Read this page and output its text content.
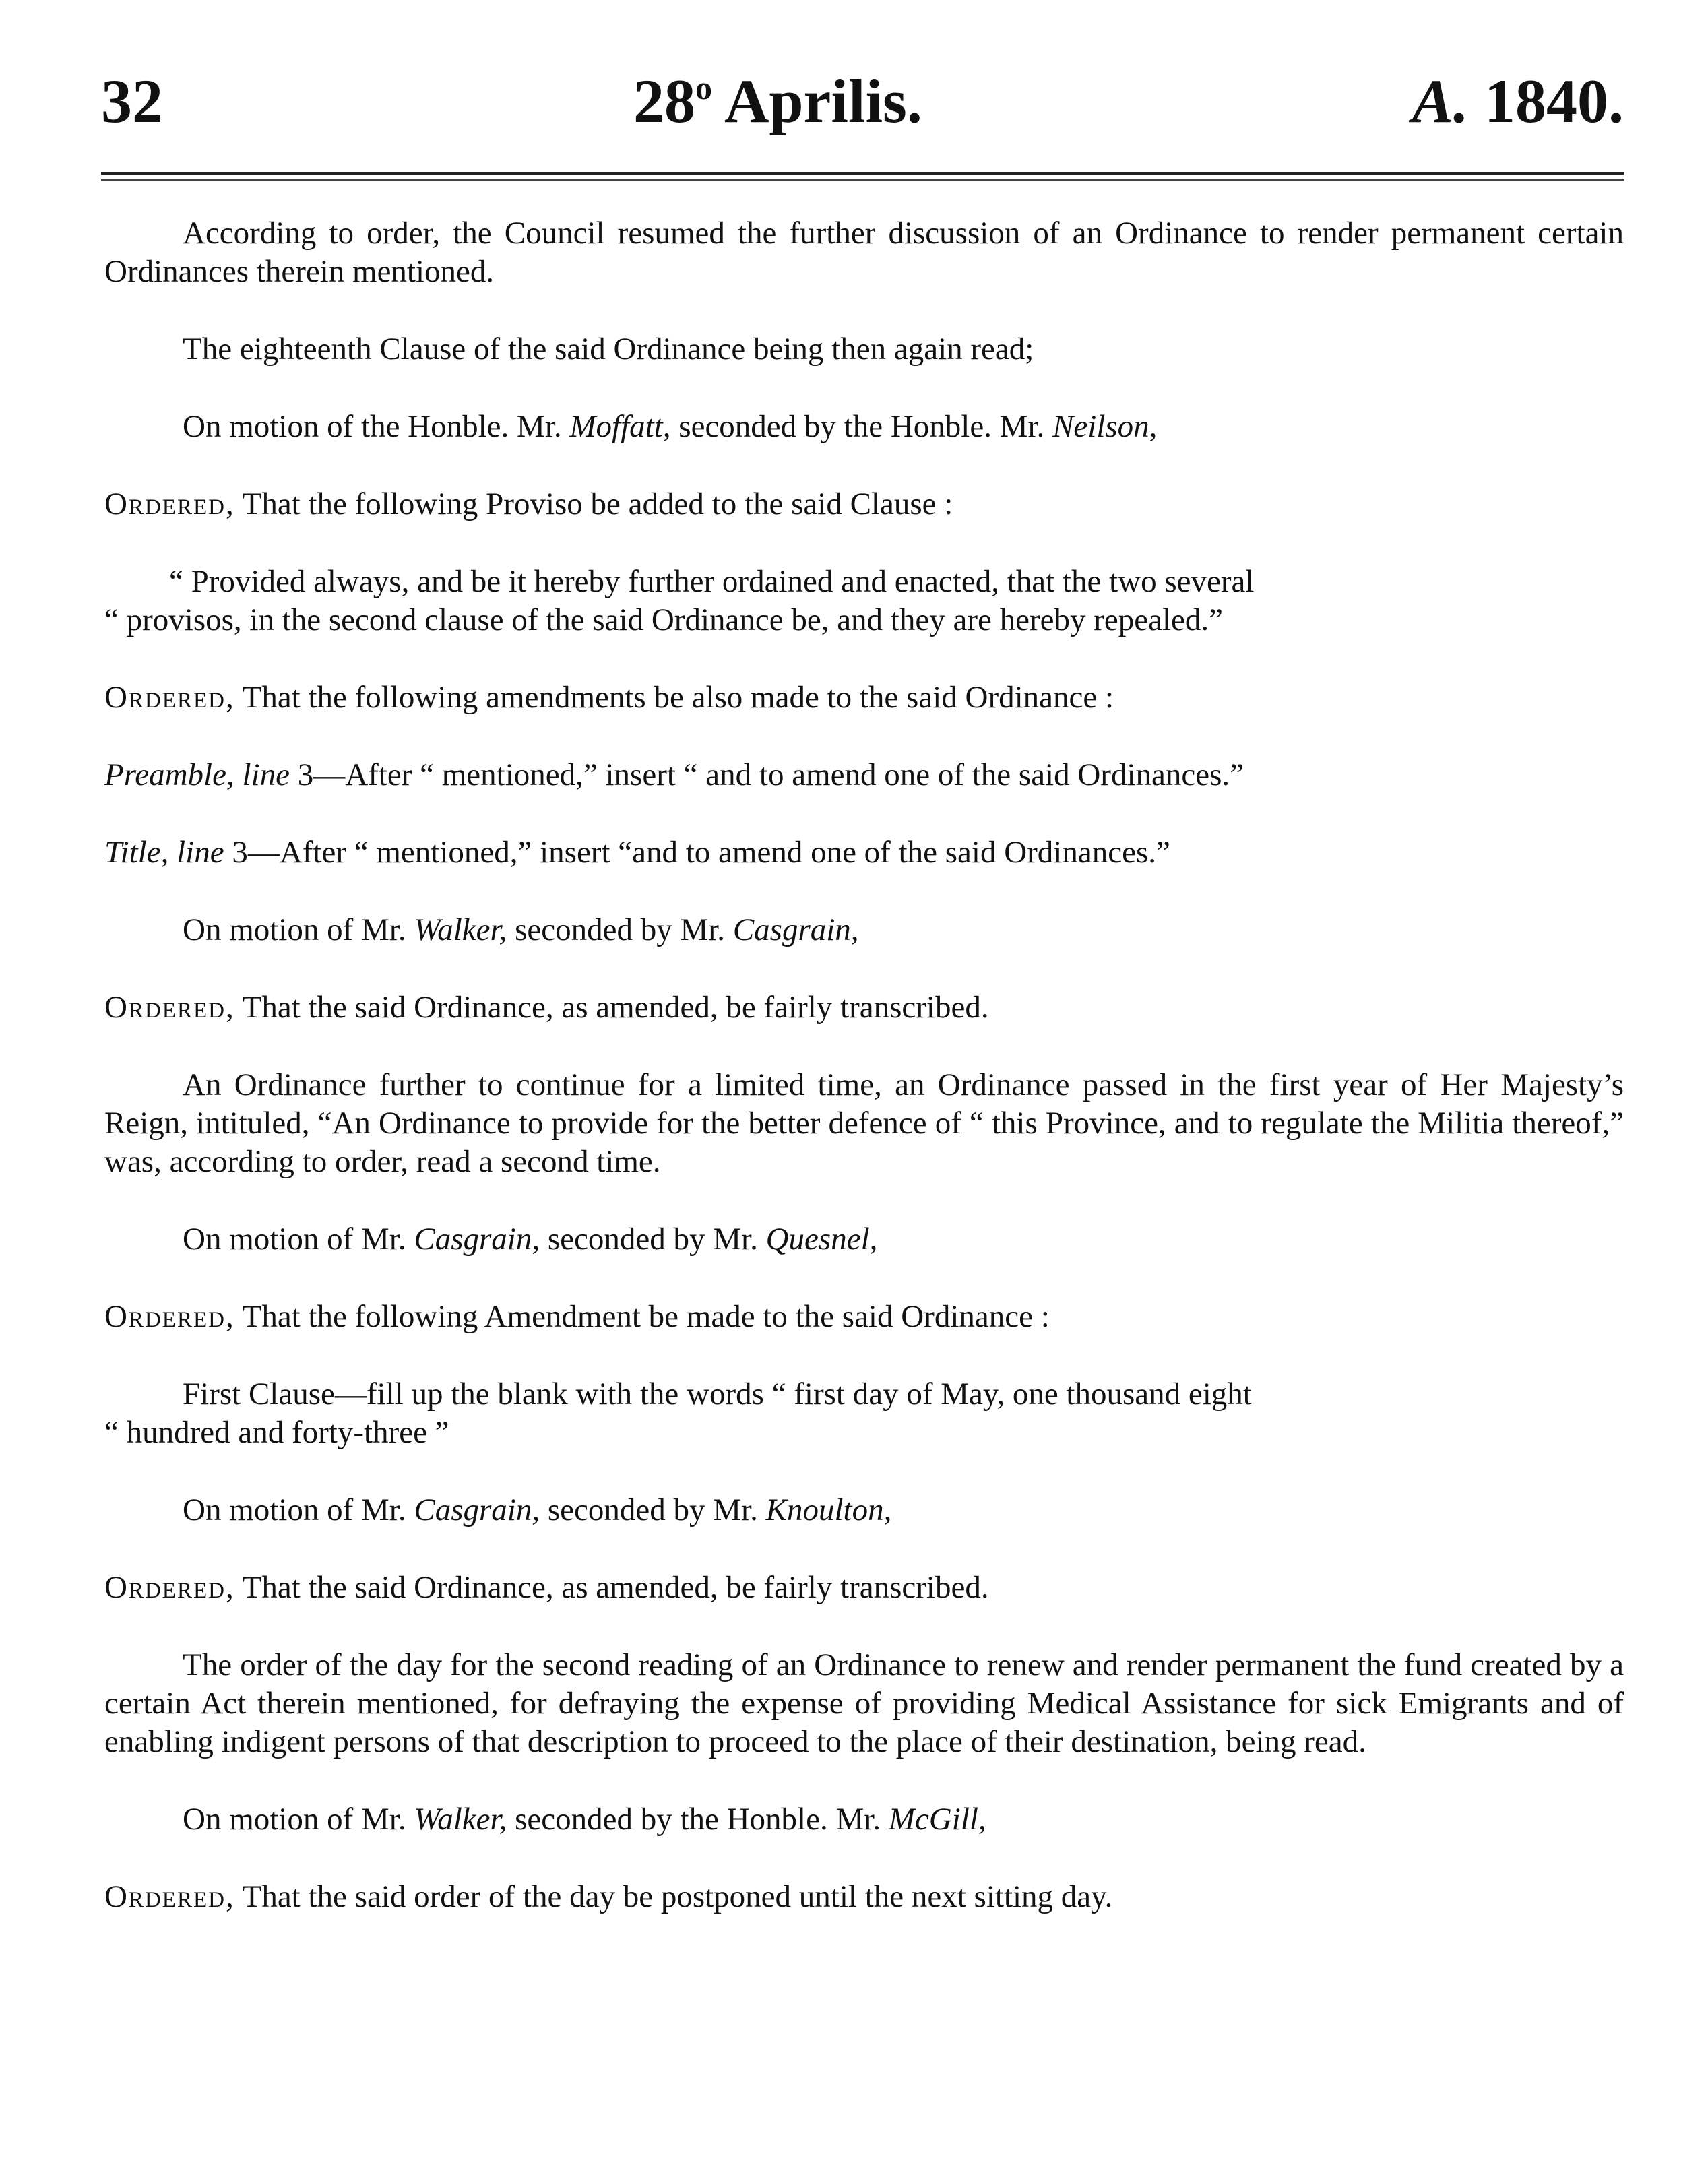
32	28$^o$ Aprilis.	A. 1840.

According to order, the Council resumed the further discussion of an Ordinance to render permanent certain Ordinances therein mentioned.

The eighteenth Clause of the said Ordinance being then again read;

On motion of the Honble. Mr. Moffatt, seconded by the Honble. Mr. Neilson,

Ordered, That the following Proviso be added to the said Clause :

“ Provided always, and be it hereby further ordained and enacted, that the two several

“ provisos, in the second clause of the said Ordinance be, and they are hereby repealed.”

Ordered, That the following amendments be also made to the said Ordinance :

Preamble, line 3—After “ mentioned,” insert “ and to amend one of the said Ordinances.”

Title, line 3—After “ mentioned,” insert “and to amend one of the said Ordinances.”

On motion of Mr. Walker, seconded by Mr. Casgrain,

Ordered, That the said Ordinance, as amended, be fairly transcribed.

An Ordinance further to continue for a limited time, an Ordinance passed in the first year of Her Majesty’s Reign, intituled, “An Ordinance to provide for the better defence of “ this Province, and to regulate the Militia thereof,” was, according to order, read a second time.

On motion of Mr. Casgrain, seconded by Mr. Quesnel,

Ordered, That the following Amendment be made to the said Ordinance :

First Clause—fill up the blank with the words “ first day of May, one thousand eight

“ hundred and forty-three ”

On motion of Mr. Casgrain, seconded by Mr. Knoulton,

Ordered, That the said Ordinance, as amended, be fairly transcribed.

The order of the day for the second reading of an Ordinance to renew and render permanent the fund created by a certain Act therein mentioned, for defraying the expense of providing Medical Assistance for sick Emigrants and of enabling indigent persons of that description to proceed to the place of their destination, being read.

On motion of Mr. Walker, seconded by the Honble. Mr. McGill,

Ordered, That the said order of the day be postponed until the next sitting day.
